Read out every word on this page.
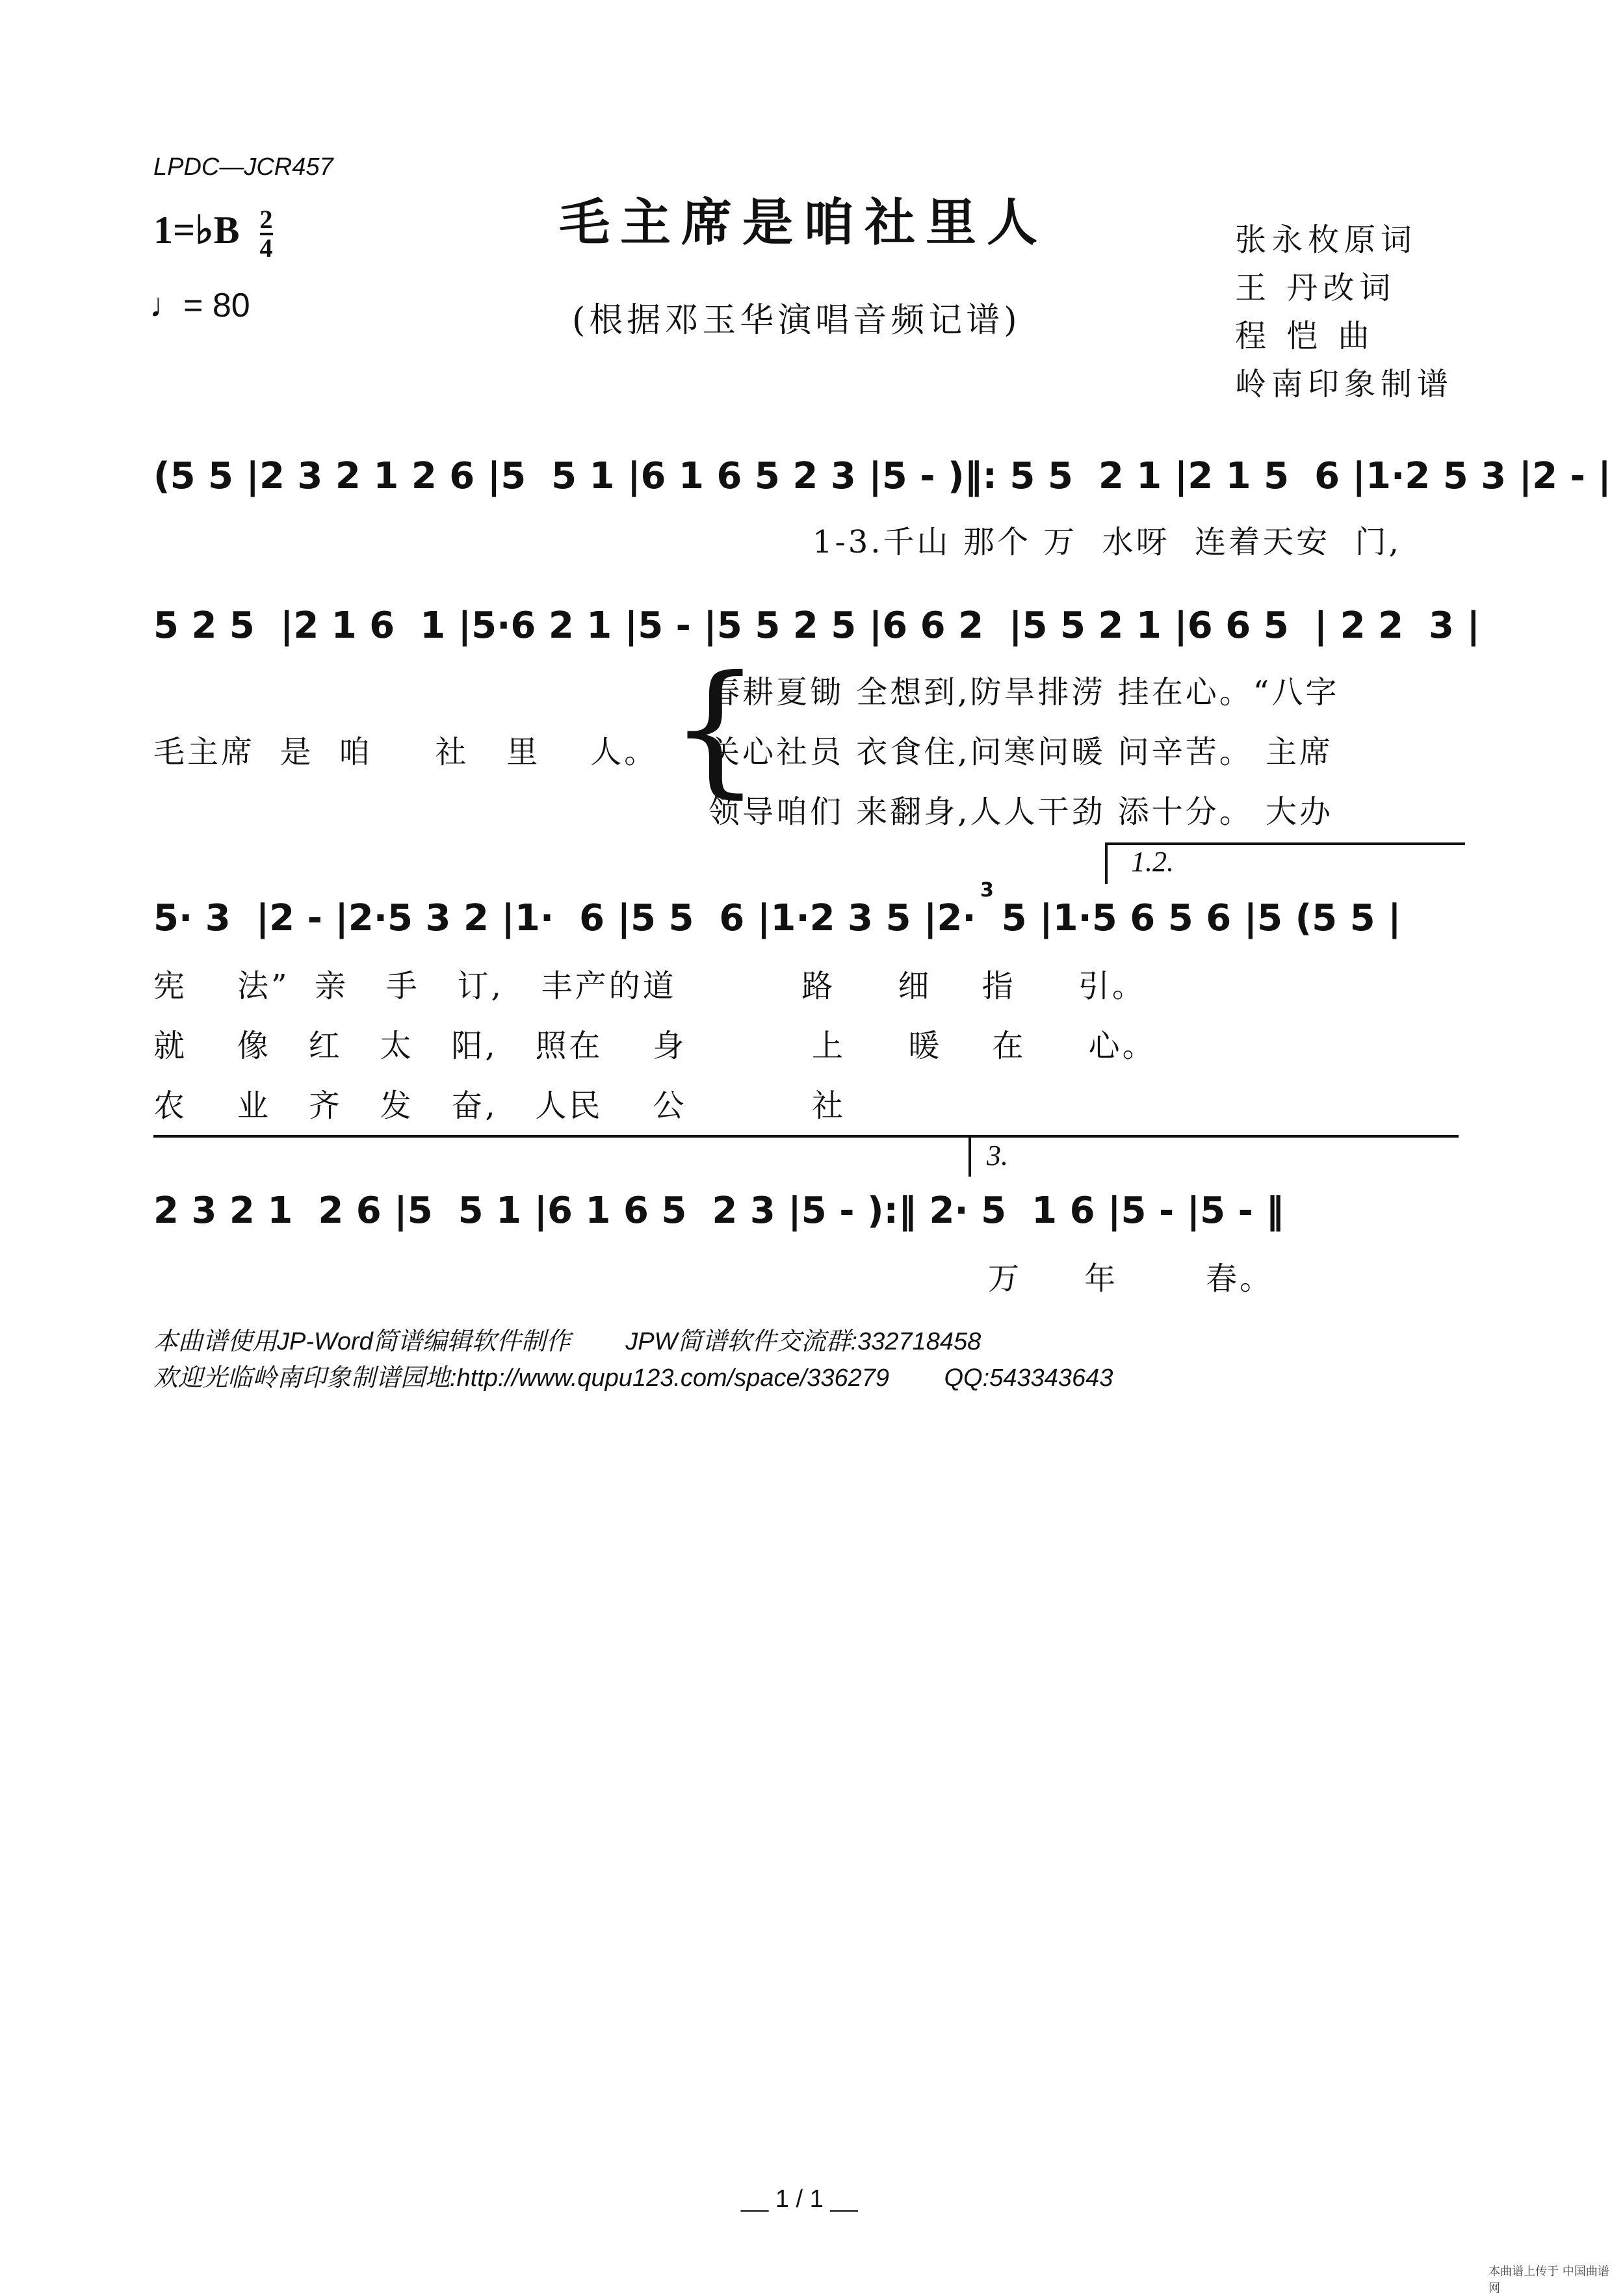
LPDC—JCR457
毛主席是咱社里人
(根据邓玉华演唱音频记谱)
1=♭B $\frac{2}{4}$
♩= 80
张永枚原词
王 丹改词
程 恺 曲
岭南印象制谱
(5 5 |2 3 2 1 2 6 |5  5 1 |6 1 6 5 2 3 |5 - )‖: 5 5  2 1 |2 1 5  6 |1·2 5 3 |2 - |
1-3.千山 那个 万  水呀  连着天安  门,
5 2 5  |2 1 6  1 |5·6 2 1 |5 - |5 5 2 5 |6 6 2  |5 5 2 1 |6 6 5  | 2 2  3 |
毛主席  是  咱     社   里    人。 {
春耕夏锄 全想到,防旱排涝 挂在心。“八字
关心社员 衣食住,问寒问暖 问辛苦。 主席
领导咱们 来翻身,人人干劲 添十分。 大办
1.2.
3
5· 3  |2 - |2·5 3 2 |1·  6 |5 5  6 |1·2 3 5 |2·  5 |1·5 6 5 6 |5 (5 5 |
宪    法”  亲   手   订,   丰产的道          路     细    指     引。
就    像   红   太   阳,   照在    身          上     暖    在     心。
农    业   齐   发   奋,   人民    公          社
3.
2 3 2 1  2 6 |5  5 1 |6 1 6 5  2 3 |5 - ):‖ 2· 5  1 6 |5 - |5 - ‖
万     年       春。
本曲谱使用JP-Word简谱编辑软件制作        JPW简谱软件交流群:332718458
欢迎光临岭南印象制谱园地:http://www.qupu123.com/space/336279        QQ:543343643
__ 1 / 1 __
本曲谱上传于 中国曲谱网
